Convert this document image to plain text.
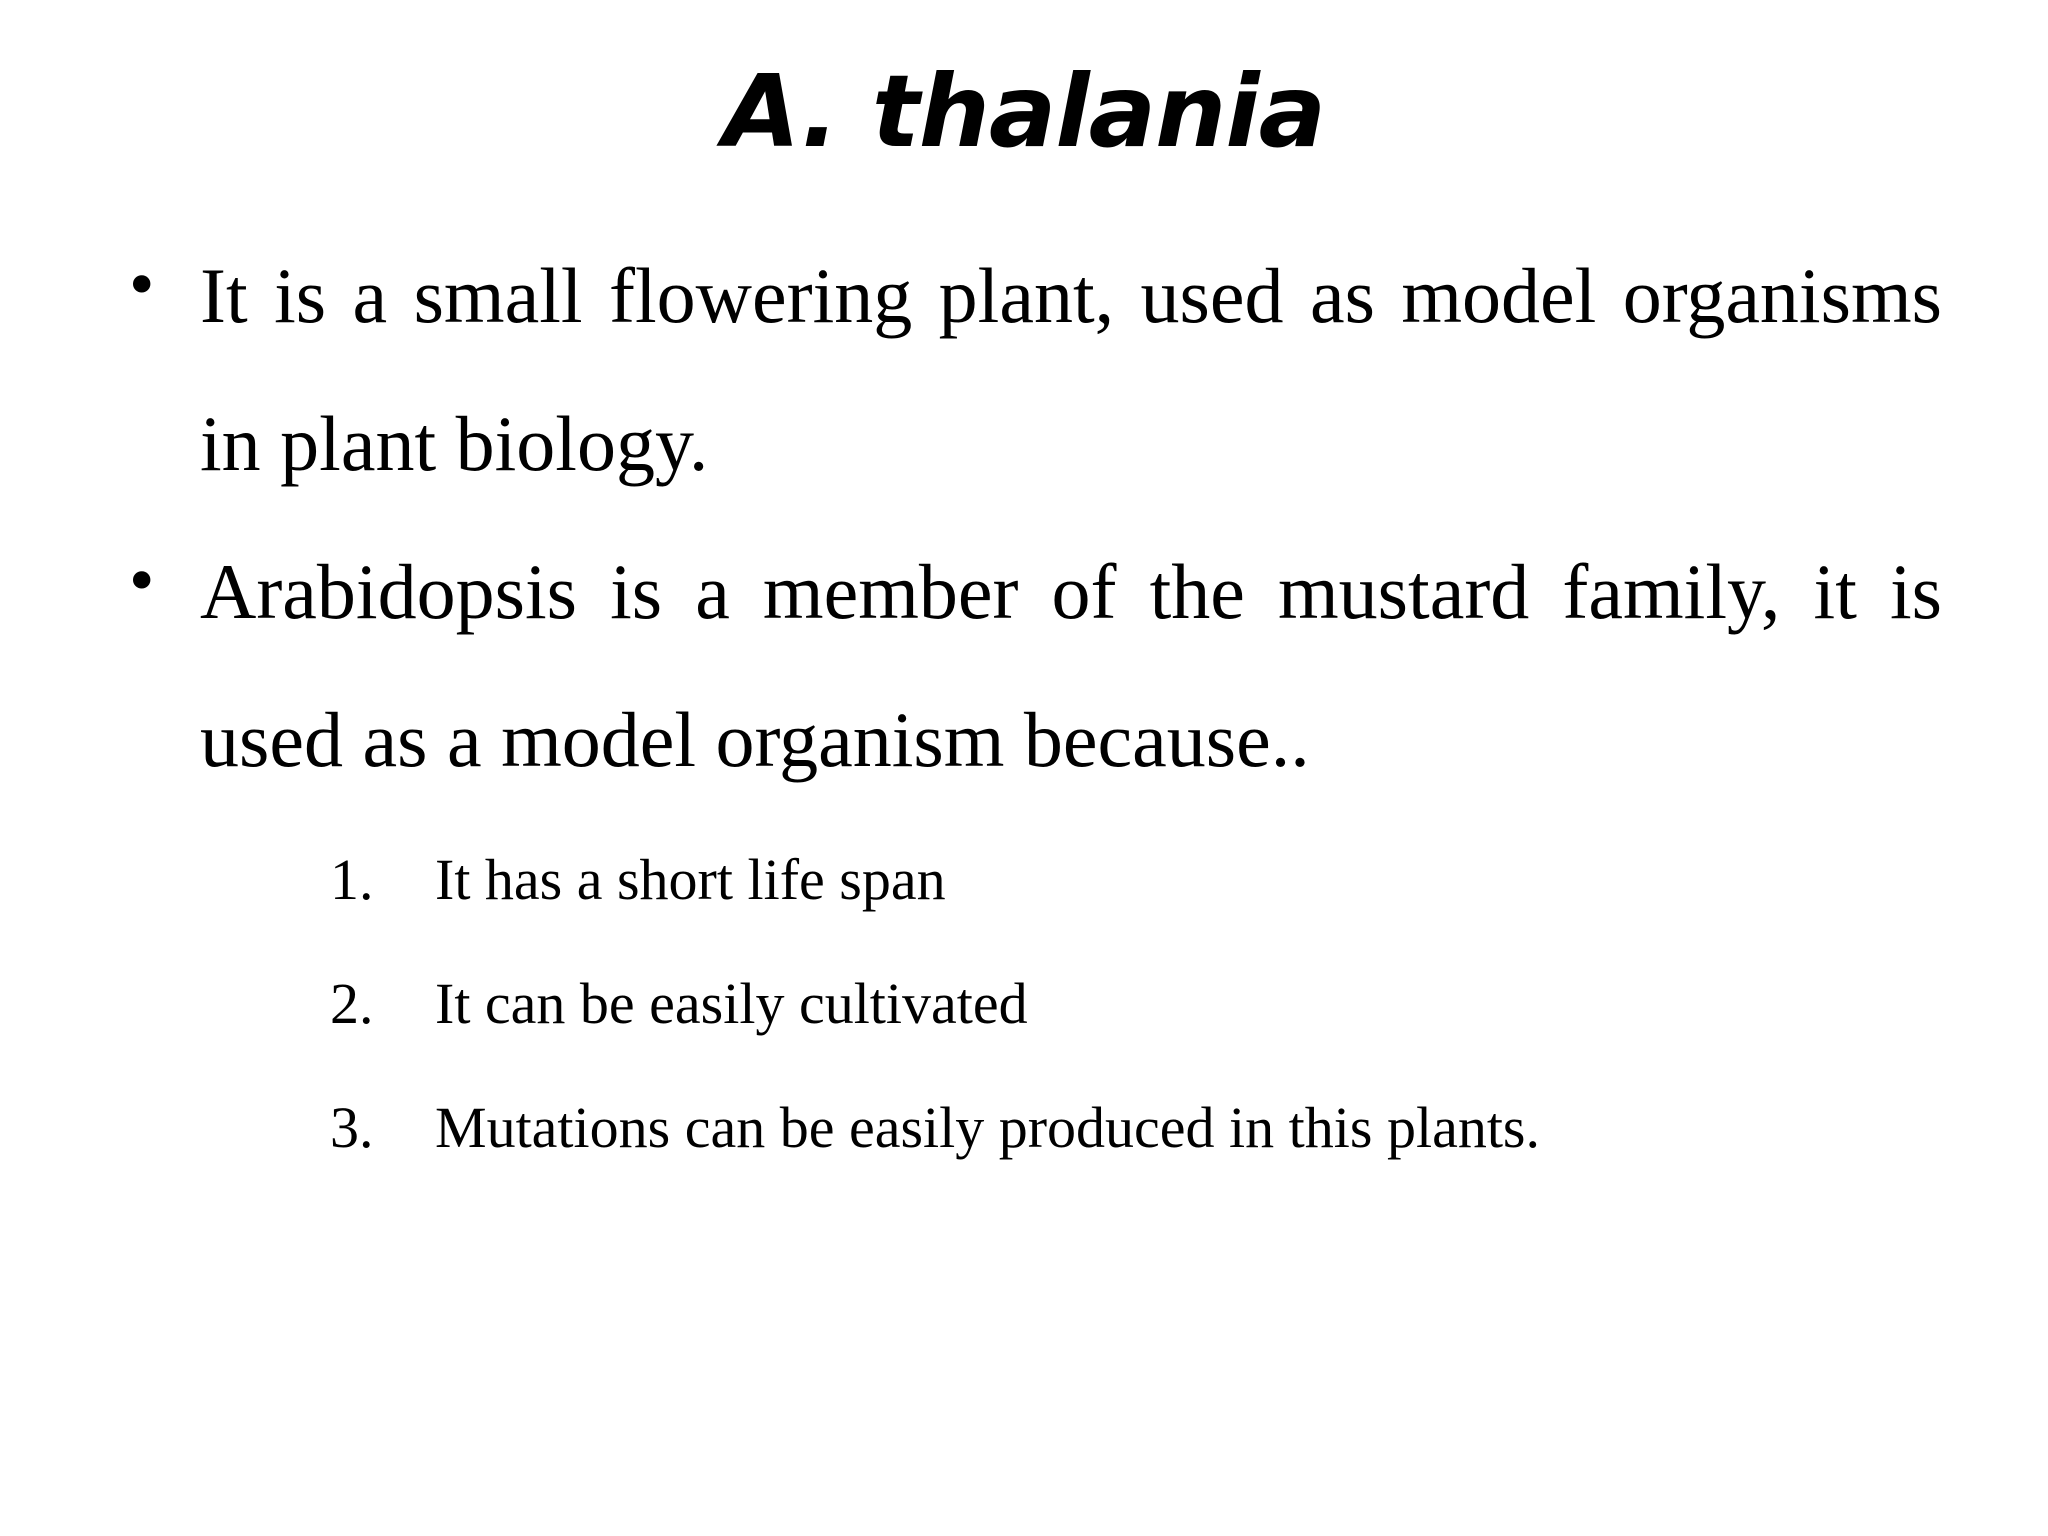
A. thalania
• It is a small flowering plant, used as model organisms in plant biology.
• Arabidopsis is a member of the mustard family, it is used as a model organism because..
1. It has a short life span
2. It can be easily cultivated
3. Mutations can be easily produced in this plants.
